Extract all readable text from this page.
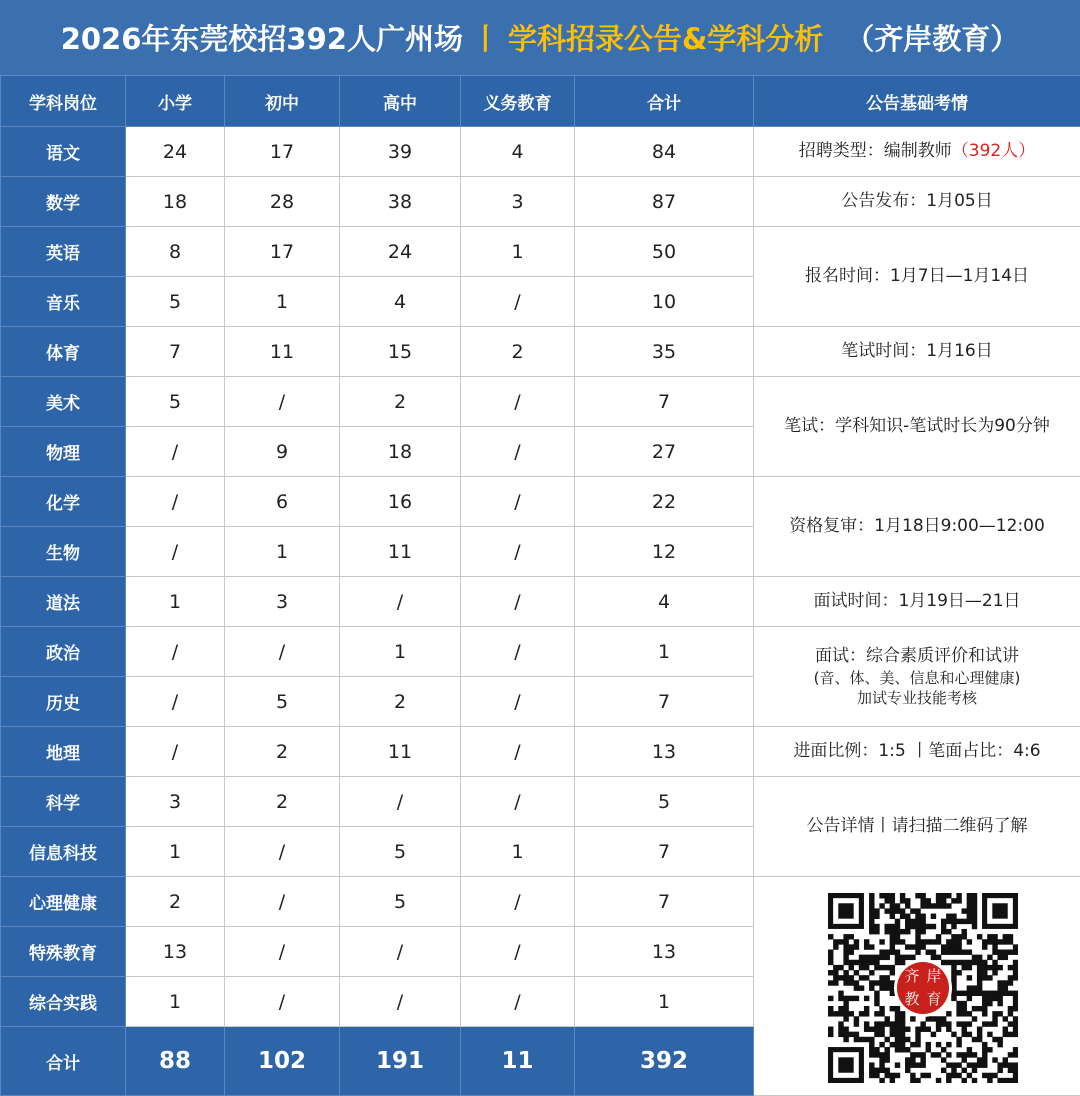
2026年东莞校招392人广州场 丨 学科招录公告&学科分析 （齐岸教育）
学科岗位	小学	初中	高中	义务教育	合计	公告基础考情
语文	24	17	39	4	84	招聘类型：编制教师（392人）
数学	18	28	38	3	87	公告发布：1月05日
英语	8	17	24	1	50	报名时间：1月7日—1月14日
音乐	5	1	4	/	10	
体育	7	11	15	2	35	笔试时间：1月16日
美术	5	/	2	/	7	笔试：学科知识-笔试时长为90分钟
物理	/	9	18	/	27	
化学	/	6	16	/	22	资格复审：1月18日9:00—12:00
生物	/	1	11	/	12	
道法	1	3	/	/	4	面试时间：1月19日—21日
政治	/	/	1	/	1	面试：综合素质评价和试讲
(音、体、美、信息和心理健康)
加试专业技能考核

历史	/	5	2	/	7	
地理	/	2	11	/	13	进面比例：1:5 丨笔面占比：4:6
科学	3	2	/	/	5	公告详情丨请扫描二维码了解
信息科技	1	/	5	1	7	
心理健康	2	/	5	/	7	
特殊教育	13	/	/	/	13	
综合实践	1	/	/	/	1	
合计	88	102	191	11	392	
齐 岸
教 育
